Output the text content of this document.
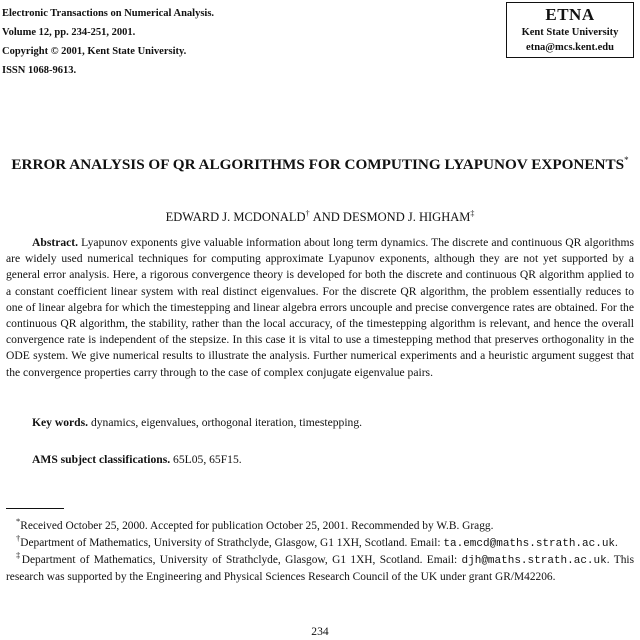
Electronic Transactions on Numerical Analysis.
Volume 12, pp. 234-251, 2001.
Copyright © 2001, Kent State University.
ISSN 1068-9613.
ETNA
Kent State University
etna@mcs.kent.edu
ERROR ANALYSIS OF QR ALGORITHMS FOR COMPUTING LYAPUNOV EXPONENTS*
EDWARD J. MCDONALD† AND DESMOND J. HIGHAM‡

Abstract. Lyapunov exponents give valuable information about long term dynamics. The discrete and continuous QR algorithms are widely used numerical techniques for computing approximate Lyapunov exponents, although they are not yet supported by a general error analysis. Here, a rigorous convergence theory is developed for both the discrete and continuous QR algorithm applied to a constant coefficient linear system with real distinct eigenvalues. For the discrete QR algorithm, the problem essentially reduces to one of linear algebra for which the timestepping and linear algebra errors uncouple and precise convergence rates are obtained. For the continuous QR algorithm, the stability, rather than the local accuracy, of the timestepping algorithm is relevant, and hence the overall convergence rate is independent of the stepsize. In this case it is vital to use a timestepping method that preserves orthogonality in the ODE system. We give numerical results to illustrate the analysis. Further numerical experiments and a heuristic argument suggest that the convergence properties carry through to the case of complex conjugate eigenvalue pairs.

Key words. dynamics, eigenvalues, orthogonal iteration, timestepping.

AMS subject classifications. 65L05, 65F15.

*Received October 25, 2000. Accepted for publication October 25, 2001. Recommended by W.B. Gragg.

†Department of Mathematics, University of Strathclyde, Glasgow, G1 1XH, Scotland. Email: ta.emcd@maths.strath.ac.uk.

‡Department of Mathematics, University of Strathclyde, Glasgow, G1 1XH, Scotland. Email: djh@maths.strath.ac.uk. This research was supported by the Engineering and Physical Sciences Research Council of the UK under grant GR/M42206.

234
